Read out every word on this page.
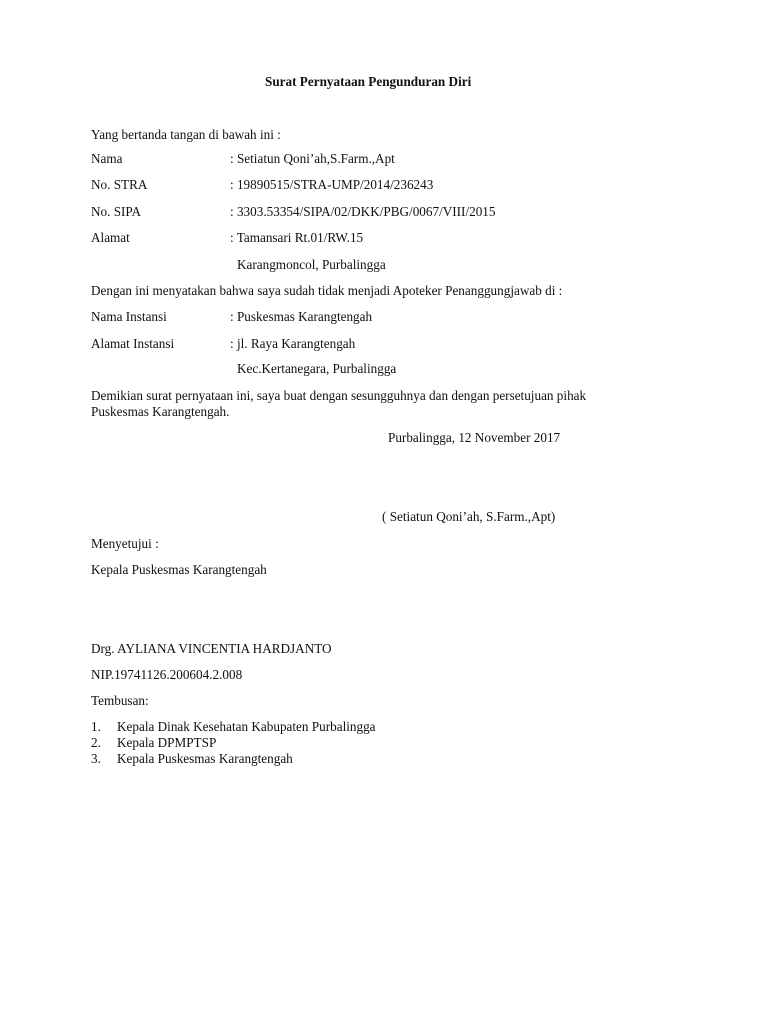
Surat Pernyataan Pengunduran Diri
Yang bertanda tangan di bawah ini :
Nama	: Setiatun Qoni’ah,S.Farm.,Apt
No. STRA	: 19890515/STRA-UMP/2014/236243
No. SIPA	: 3303.53354/SIPA/02/DKK/PBG/0067/VIII/2015
Alamat	: Tamansari Rt.01/RW.15
Karangmoncol, Purbalingga
Dengan ini menyatakan bahwa saya sudah tidak menjadi Apoteker Penanggungjawab di :
Nama Instansi	: Puskesmas Karangtengah
Alamat Instansi	: jl. Raya Karangtengah
Kec.Kertanegara, Purbalingga
Demikian surat pernyataan ini, saya buat dengan sesungguhnya dan dengan persetujuan pihak
Puskesmas Karangtengah.
Purbalingga, 12 November 2017
( Setiatun Qoni’ah, S.Farm.,Apt)
Menyetujui :
Kepala Puskesmas Karangtengah
Drg. AYLIANA VINCENTIA HARDJANTO
NIP.19741126.200604.2.008
Tembusan:
1. Kepala Dinak Kesehatan Kabupaten Purbalingga
2. Kepala DPMPTSP
3. Kepala Puskesmas Karangtengah
